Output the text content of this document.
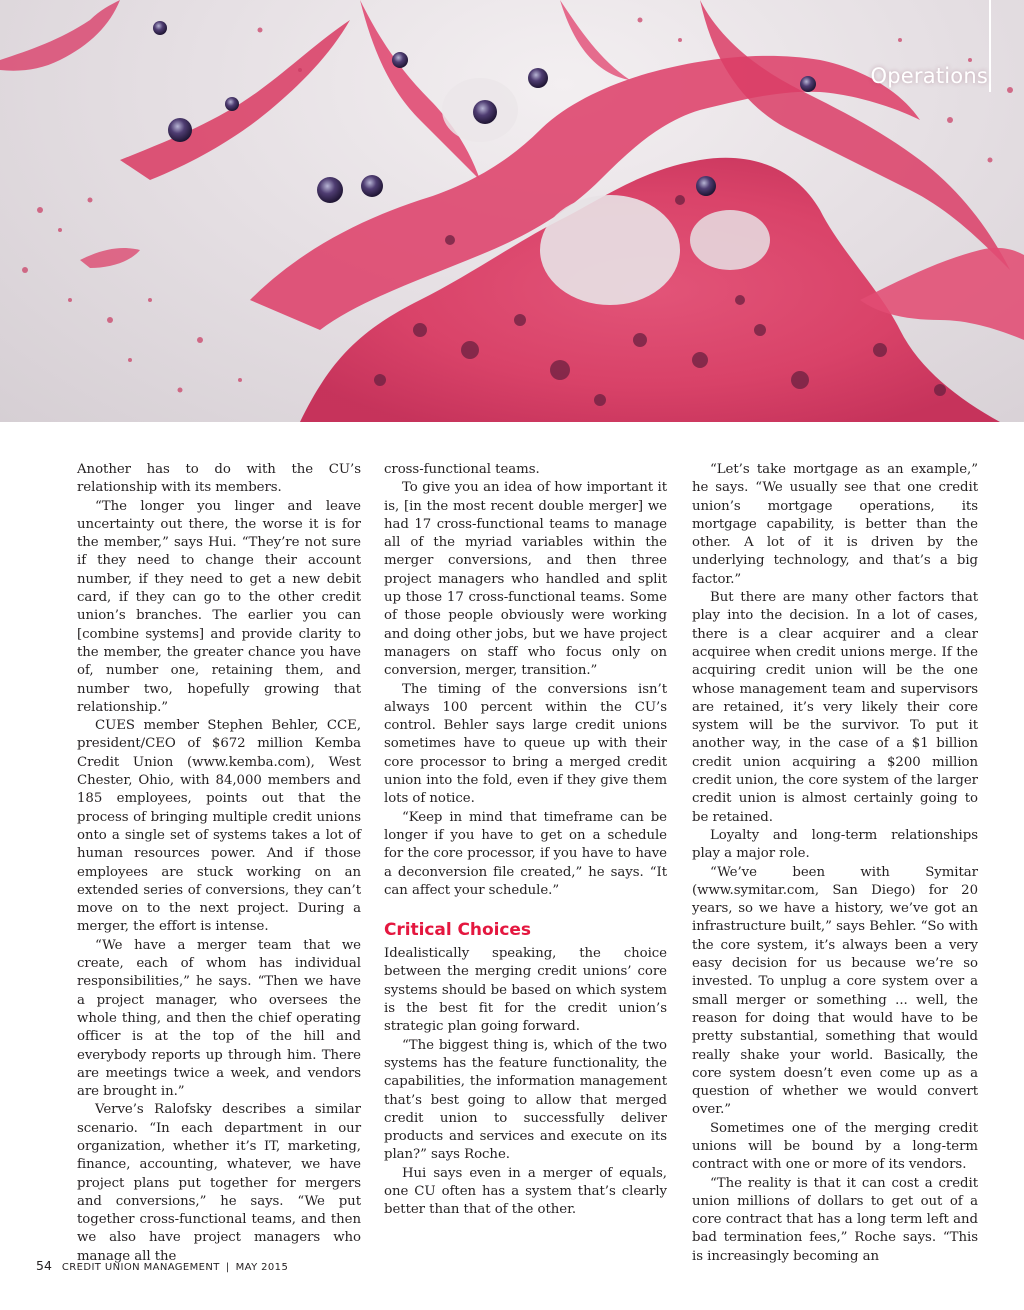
Operations

Another has to do with the CU’s relationship with its members.

“The longer you linger and leave uncertainty out there, the worse it is for the member,” says Hui. “They’re not sure if they need to change their account number, if they need to get a new debit card, if they can go to the other credit union’s branches. The earlier you can [combine systems] and provide clarity to the member, the greater chance you have of, number one, retaining them, and number two, hopefully growing that relationship.”

CUES member Stephen Behler, CCE, president/CEO of $672 million Kemba Credit Union (www.kemba.com), West Chester, Ohio, with 84,000 members and 185 employees, points out that the process of bringing multiple credit unions onto a single set of systems takes a lot of human resources power. And if those employees are stuck working on an extended series of conversions, they can’t move on to the next project. During a merger, the effort is intense.

“We have a merger team that we create, each of whom has individual responsibilities,” he says. “Then we have a project manager, who oversees the whole thing, and then the chief operating officer is at the top of the hill and everybody reports up through him. There are meetings twice a week, and vendors are brought in.”

Verve’s Ralofsky describes a similar scenario. “In each department in our organization, whether it’s IT, marketing, finance, accounting, whatever, we have project plans put together for mergers and conversions,” he says. “We put together cross-functional teams, and then we also have project managers who manage all the

cross-functional teams.

To give you an idea of how important it is, [in the most recent double merger] we had 17 cross-functional teams to manage all of the myriad variables within the merger conversions, and then three project managers who handled and split up those 17 cross-functional teams. Some of those people obviously were working and doing other jobs, but we have project managers on staff who focus only on conversion, merger, transition.”

The timing of the conversions isn’t always 100 percent within the CU’s control. Behler says large credit unions sometimes have to queue up with their core processor to bring a merged credit union into the fold, even if they give them lots of notice.

“Keep in mind that timeframe can be longer if you have to get on a schedule for the core processor, if you have to have a deconversion file created,” he says. “It can affect your schedule.”

Critical Choices

Idealistically speaking, the choice between the merging credit unions’ core systems should be based on which system is the best fit for the credit union’s strategic plan going forward.

“The biggest thing is, which of the two systems has the feature functionality, the capabilities, the information management that’s best going to allow that merged credit union to successfully deliver products and services and execute on its plan?” says Roche.

Hui says even in a merger of equals, one CU often has a system that’s clearly better than that of the other.

“Let’s take mortgage as an example,” he says. “We usually see that one credit union’s mortgage operations, its mortgage capability, is better than the other. A lot of it is driven by the underlying technology, and that’s a big factor.”

But there are many other factors that play into the decision. In a lot of cases, there is a clear acquirer and a clear acquiree when credit unions merge. If the acquiring credit union will be the one whose management team and supervisors are retained, it’s very likely their core system will be the survivor. To put it another way, in the case of a $1 billion credit union acquiring a $200 million credit union, the core system of the larger credit union is almost certainly going to be retained.

Loyalty and long-term relationships play a major role.

“We’ve been with Symitar (www.symitar.com, San Diego) for 20 years, so we have a history, we’ve got an infrastructure built,” says Behler. “So with the core system, it’s always been a very easy decision for us because we’re so invested. To unplug a core system over a small merger or something ... well, the reason for doing that would have to be pretty substantial, something that would really shake your world. Basically, the core system doesn’t even come up as a question of whether we would convert over.”

Sometimes one of the merging credit unions will be bound by a long-term contract with one or more of its vendors.

“The reality is that it can cost a credit union millions of dollars to get out of a core contract that has a long term left and bad termination fees,” Roche says. “This is increasingly becoming an

54 CREDIT UNION MANAGEMENT | MAY 2015
